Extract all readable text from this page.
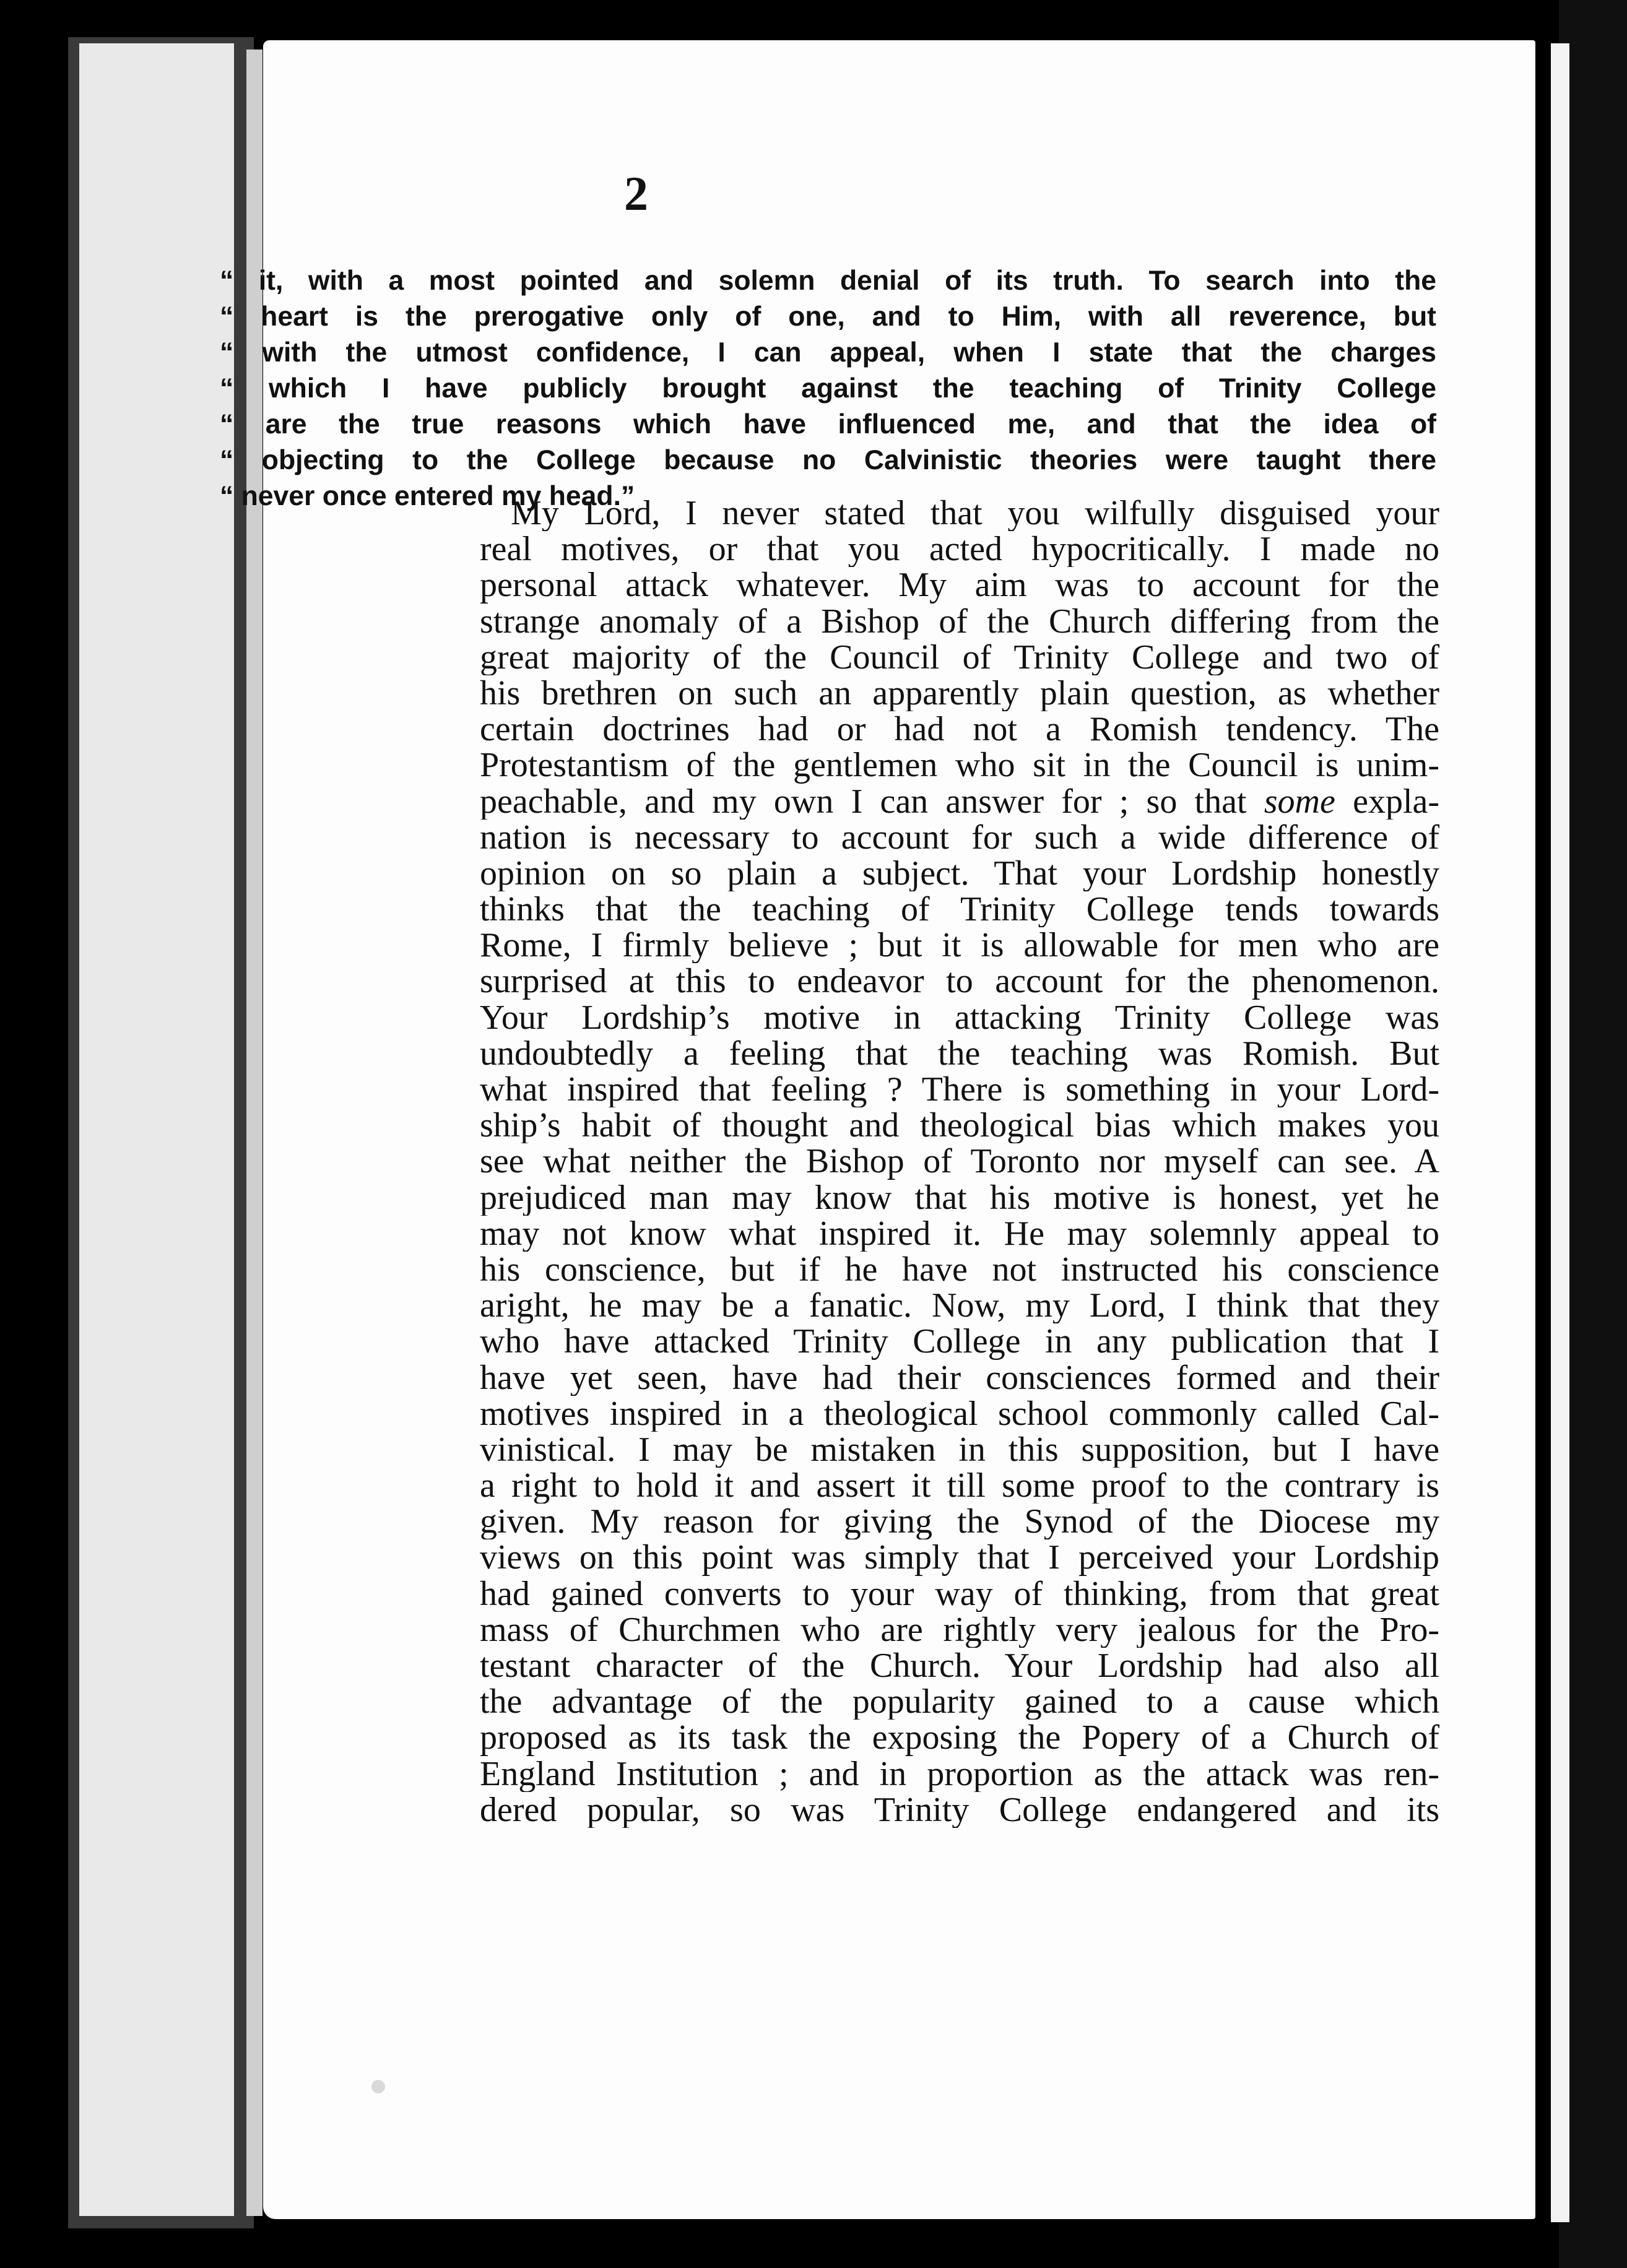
2
“ it, with a most pointed and solemn denial of its truth. To search into the
“ heart is the prerogative only of one, and to Him, with all reverence, but
“ with the utmost confidence, I can appeal, when I state that the charges
“ which I have publicly brought against the teaching of Trinity College
“ are the true reasons which have influenced me, and that the idea of
“ objecting to the College because no Calvinistic theories were taught there
“ never once entered my head.”
My Lord, I never stated that you wilfully disguised your
real motives, or that you acted hypocritically. I made no
personal attack whatever. My aim was to account for the
strange anomaly of a Bishop of the Church differing from the
great majority of the Council of Trinity College and two of
his brethren on such an apparently plain question, as whether
certain doctrines had or had not a Romish tendency. The
Protestantism of the gentlemen who sit in the Council is unim-
peachable, and my own I can answer for ; so that some expla-
nation is necessary to account for such a wide difference of
opinion on so plain a subject. That your Lordship honestly
thinks that the teaching of Trinity College tends towards
Rome, I firmly believe ; but it is allowable for men who are
surprised at this to endeavor to account for the phenomenon.
Your Lordship’s motive in attacking Trinity College was
undoubtedly a feeling that the teaching was Romish. But
what inspired that feeling ? There is something in your Lord-
ship’s habit of thought and theological bias which makes you
see what neither the Bishop of Toronto nor myself can see. A
prejudiced man may know that his motive is honest, yet he
may not know what inspired it. He may solemnly appeal to
his conscience, but if he have not instructed his conscience
aright, he may be a fanatic. Now, my Lord, I think that they
who have attacked Trinity College in any publication that I
have yet seen, have had their consciences formed and their
motives inspired in a theological school commonly called Cal-
vinistical. I may be mistaken in this supposition, but I have
a right to hold it and assert it till some proof to the contrary is
given. My reason for giving the Synod of the Diocese my
views on this point was simply that I perceived your Lordship
had gained converts to your way of thinking, from that great
mass of Churchmen who are rightly very jealous for the Pro-
testant character of the Church. Your Lordship had also all
the advantage of the popularity gained to a cause which
proposed as its task the exposing the Popery of a Church of
England Institution ; and in proportion as the attack was ren-
dered popular, so was Trinity College endangered and its
